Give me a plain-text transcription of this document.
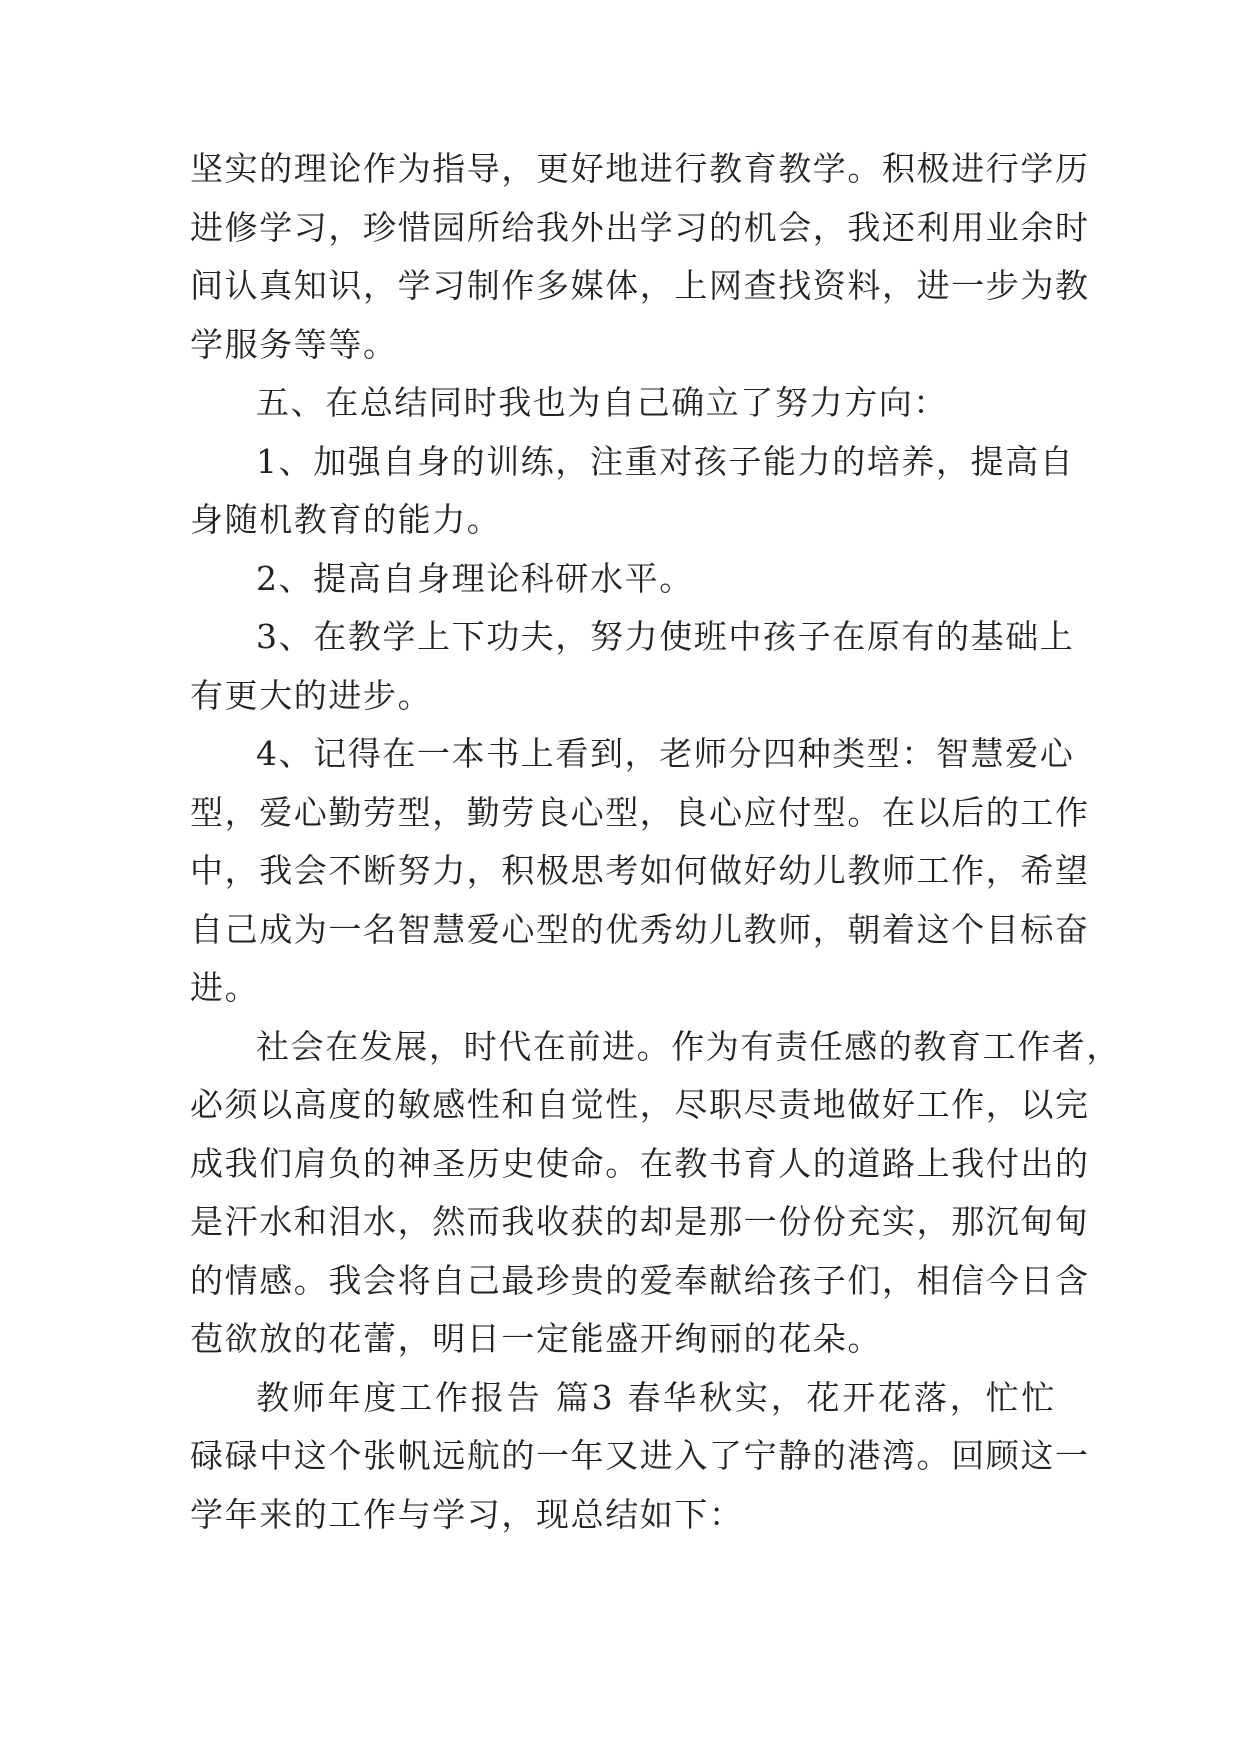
坚实的理论作为指导，更好地进行教育教学。积极进行学历
进修学习，珍惜园所给我外出学习的机会，我还利用业余时
间认真知识，学习制作多媒体，上网查找资料，进一步为教
学服务等等。

五、在总结同时我也为自己确立了努力方向：

1、加强自身的训练，注重对孩子能力的培养，提高自
身随机教育的能力。

2、提高自身理论科研水平。

3、在教学上下功夫，努力使班中孩子在原有的基础上
有更大的进步。

4、记得在一本书上看到，老师分四种类型：智慧爱心
型，爱心勤劳型，勤劳良心型，良心应付型。在以后的工作
中，我会不断努力，积极思考如何做好幼儿教师工作，希望
自己成为一名智慧爱心型的优秀幼儿教师，朝着这个目标奋
进。

社会在发展，时代在前进。作为有责任感的教育工作者，
必须以高度的敏感性和自觉性，尽职尽责地做好工作，以完
成我们肩负的神圣历史使命。在教书育人的道路上我付出的
是汗水和泪水，然而我收获的却是那一份份充实，那沉甸甸
的情感。我会将自己最珍贵的爱奉献给孩子们，相信今日含
苞欲放的花蕾，明日一定能盛开绚丽的花朵。

教师年度工作报告 篇3 春华秋实，花开花落，忙忙
碌碌中这个张帆远航的一年又进入了宁静的港湾。回顾这一
学年来的工作与学习，现总结如下：
